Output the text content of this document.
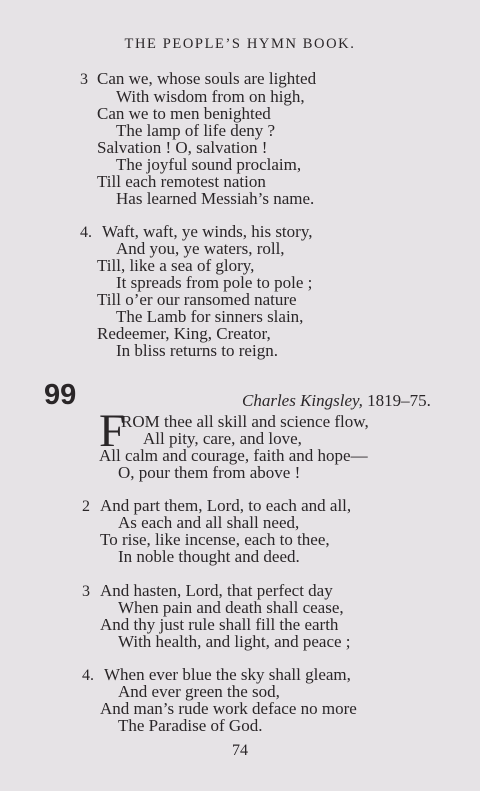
THE PEOPLE’S HYMN BOOK.
3 Can we, whose souls are lighted
With wisdom from on high,
Can we to men benighted
The lamp of life deny ?
Salvation ! O, salvation !
The joyful sound proclaim,
Till each remotest nation
Has learned Messiah’s name.
4. Waft, waft, ye winds, his story,
And you, ye waters, roll,
Till, like a sea of glory,
It spreads from pole to pole ;
Till o’er our ransomed nature
The Lamb for sinners slain,
Redeemer, King, Creator,
In bliss returns to reign.
99	Charles Kingsley, 1819–75.
F
ROM thee all skill and science flow,
All pity, care, and love,
All calm and courage, faith and hope—
O, pour them from above !
2 And part them, Lord, to each and all,
As each and all shall need,
To rise, like incense, each to thee,
In noble thought and deed.
3 And hasten, Lord, that perfect day
When pain and death shall cease,
And thy just rule shall fill the earth
With health, and light, and peace ;
4. When ever blue the sky shall gleam,
And ever green the sod,
And man’s rude work deface no more
The Paradise of God.
74
